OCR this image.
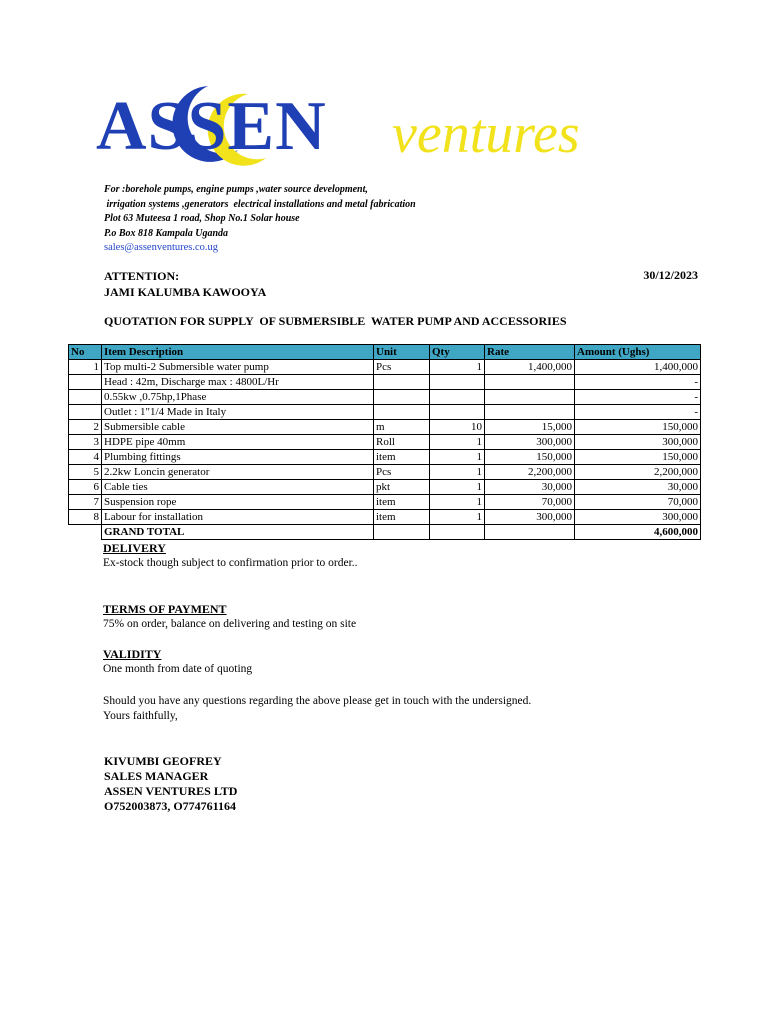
ASSEN ventures
For :borehole pumps, engine pumps ,water source development,
irrigation systems ,generators  electrical installations and metal fabrication
Plot 63 Muteesa 1 road, Shop No.1 Solar house
P.o Box 818 Kampala Uganda
sales@assenventures.co.ug
ATTENTION:
JAMI KALUMBA KAWOOYA
30/12/2023
QUOTATION FOR SUPPLY  OF SUBMERSIBLE  WATER PUMP AND ACCESSORIES
No	Item Description	Unit	Qty	Rate	Amount (Ughs)
1	Top multi-2 Submersible water pump	Pcs	1	1,400,000	1,400,000
	Head : 42m, Discharge max : 4800L/Hr				-
	0.55kw ,0.75hp,1Phase				-
	Outlet : 1"1/4 Made in Italy				-
2	Submersible cable	m	10	15,000	150,000
3	HDPE pipe 40mm	Roll	1	300,000	300,000
4	Plumbing fittings	item	1	150,000	150,000
5	2.2kw Loncin generator	Pcs	1	2,200,000	2,200,000
6	Cable ties	pkt	1	30,000	30,000
7	Suspension rope	item	1	70,000	70,000
8	Labour for installation	item	1	300,000	300,000
	GRAND TOTAL				4,600,000
DELIVERY
Ex-stock though subject to confirmation prior to order..
TERMS OF PAYMENT
75% on order, balance on delivering and testing on site
VALIDITY
One month from date of quoting
Should you have any questions regarding the above please get in touch with the undersigned.
Yours faithfully,
KIVUMBI GEOFREY
SALES MANAGER
ASSEN VENTURES LTD
O752003873, O774761164
